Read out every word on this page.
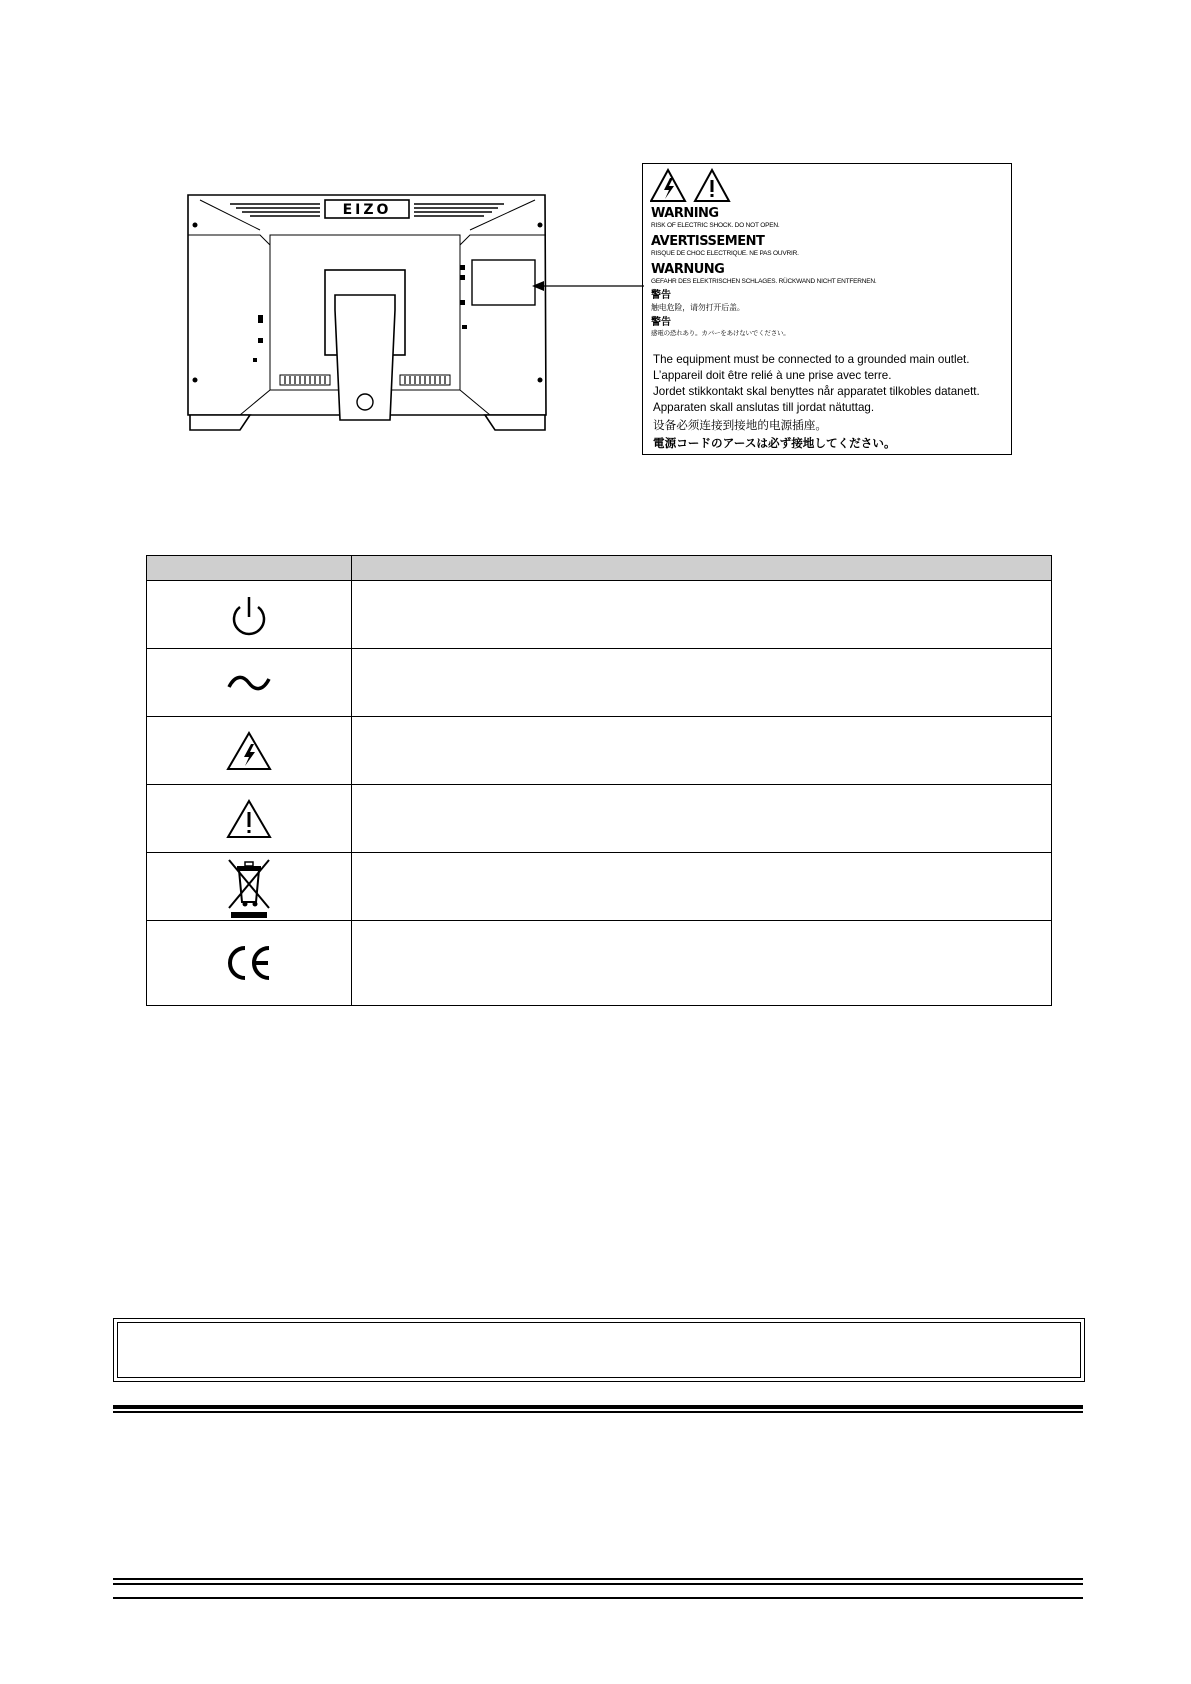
EIZO	WARNING
RISK OF ELECTRIC SHOCK. DO NOT OPEN.
AVERTISSEMENT
RISQUE DE CHOC ELECTRIQUE. NE PAS OUVRIR.
WARNUNG
GEFAHR DES ELEKTRISCHEN SCHLAGES. RÜCKWAND NICHT ENTFERNEN.
警告
触电危险，请勿打开后盖。
警告
感電の恐れあり。カバーをあけないでください。
The equipment must be connected to a grounded main outlet.
L’appareil doit être relié à une prise avec terre.
Jordet stikkontakt skal benyttes når apparatet tilkobles datanett.
Apparaten skall anslutas till jordat nätuttag.
设备必须连接到接地的电源插座。
電源コードのアースは必ず接地してください。
